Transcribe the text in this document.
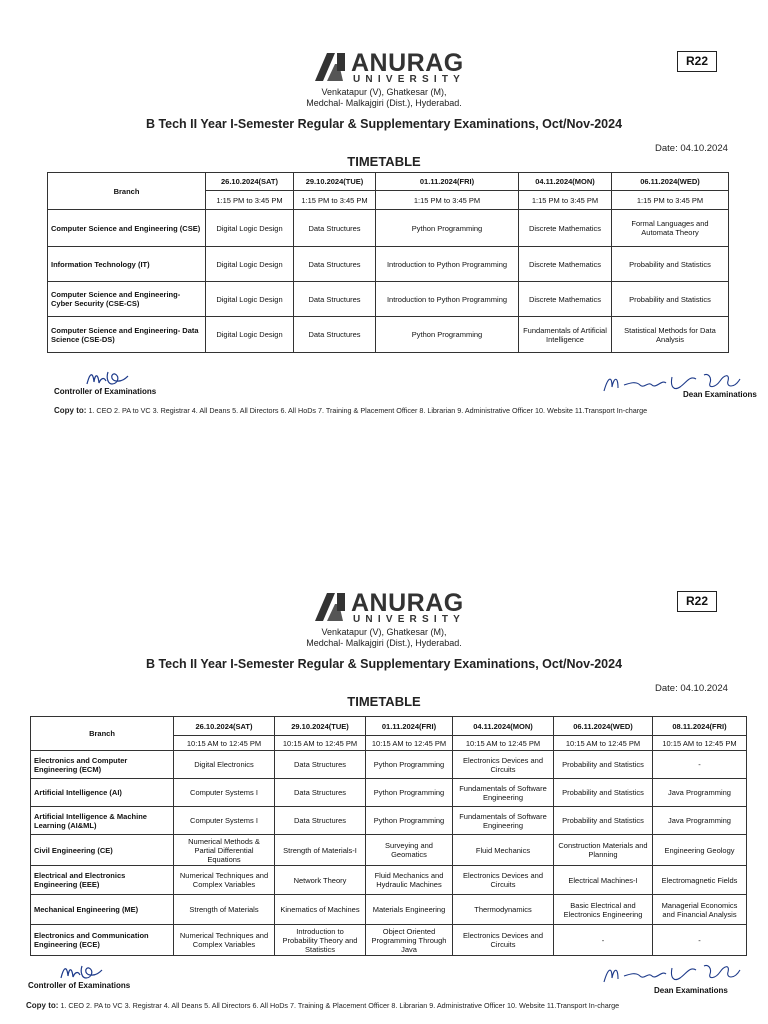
ANURAG
UNIVERSITY
Venkatapur (V), Ghatkesar (M),
Medchal- Malkajgiri (Dist.), Hyderabad.
R22
B Tech II Year I-Semester Regular & Supplementary Examinations, Oct/Nov-2024
Date: 04.10.2024
TIMETABLE
Branch	26.10.2024(SAT)	29.10.2024(TUE)	01.11.2024(FRI)	04.11.2024(MON)	06.11.2024(WED)
	1:15 PM to 3:45 PM	1:15 PM to 3:45 PM	1:15 PM to 3:45 PM	1:15 PM to 3:45 PM	1:15 PM to 3:45 PM
Computer Science and Engineering (CSE)	Digital Logic Design	Data Structures	Python Programming	Discrete Mathematics	Formal Languages and Automata Theory
Information Technology (IT)	Digital Logic Design	Data Structures	Introduction to Python Programming	Discrete Mathematics	Probability and Statistics
Computer Science and Engineering- Cyber Security (CSE-CS)	Digital Logic Design	Data Structures	Introduction to Python Programming	Discrete Mathematics	Probability and Statistics
Computer Science and Engineering- Data Science (CSE-DS)	Digital Logic Design	Data Structures	Python Programming	Fundamentals of Artificial Intelligence	Statistical Methods for Data Analysis
Controller of Examinations	Dean Examinations
Copy to: 1. CEO 2. PA to VC 3. Registrar 4. All Deans 5. All Directors 6. All HoDs 7. Training & Placement Officer 8. Librarian 9. Administrative Officer 10. Website 11.Transport In-charge
ANURAG
UNIVERSITY
Venkatapur (V), Ghatkesar (M),
Medchal- Malkajgiri (Dist.), Hyderabad.
R22
B Tech II Year I-Semester Regular & Supplementary Examinations, Oct/Nov-2024
Date: 04.10.2024
TIMETABLE
Branch	26.10.2024(SAT)	29.10.2024(TUE)	01.11.2024(FRI)	04.11.2024(MON)	06.11.2024(WED)	08.11.2024(FRI)
	10:15 AM to 12:45 PM	10:15 AM to 12:45 PM	10:15 AM to 12:45 PM	10:15 AM to 12:45 PM	10:15 AM to 12:45 PM	10:15 AM to 12:45 PM
Electronics and Computer Engineering (ECM)	Digital Electronics	Data Structures	Python Programming	Electronics Devices and Circuits	Probability and Statistics	-
Artificial Intelligence (AI)	Computer Systems I	Data Structures	Python Programming	Fundamentals of Software Engineering	Probability and Statistics	Java Programming
Artificial Intelligence & Machine Learning (AI&ML)	Computer Systems I	Data Structures	Python Programming	Fundamentals of Software Engineering	Probability and Statistics	Java Programming
Civil Engineering (CE)	Numerical Methods & Partial Differential Equations	Strength of Materials-I	Surveying and Geomatics	Fluid Mechanics	Construction Materials and Planning	Engineering Geology
Electrical and Electronics Engineering (EEE)	Numerical Techniques and Complex Variables	Network Theory	Fluid Mechanics and Hydraulic Machines	Electronics Devices and Circuits	Electrical Machines-I	Electromagnetic Fields
Mechanical Engineering (ME)	Strength of Materials	Kinematics of Machines	Materials Engineering	Thermodynamics	Basic Electrical and Electronics Engineering	Managerial Economics and Financial Analysis
Electronics and Communication Engineering (ECE)	Numerical Techniques and Complex Variables	Introduction to Probability Theory and Statistics	Object Oriented Programming Through Java	Electronics Devices and Circuits	-	-
Controller of Examinations
Dean Examinations
Copy to: 1. CEO 2. PA to VC 3. Registrar 4. All Deans 5. All Directors 6. All HoDs 7. Training & Placement Officer 8. Librarian 9. Administrative Officer 10. Website 11.Transport In-charge
